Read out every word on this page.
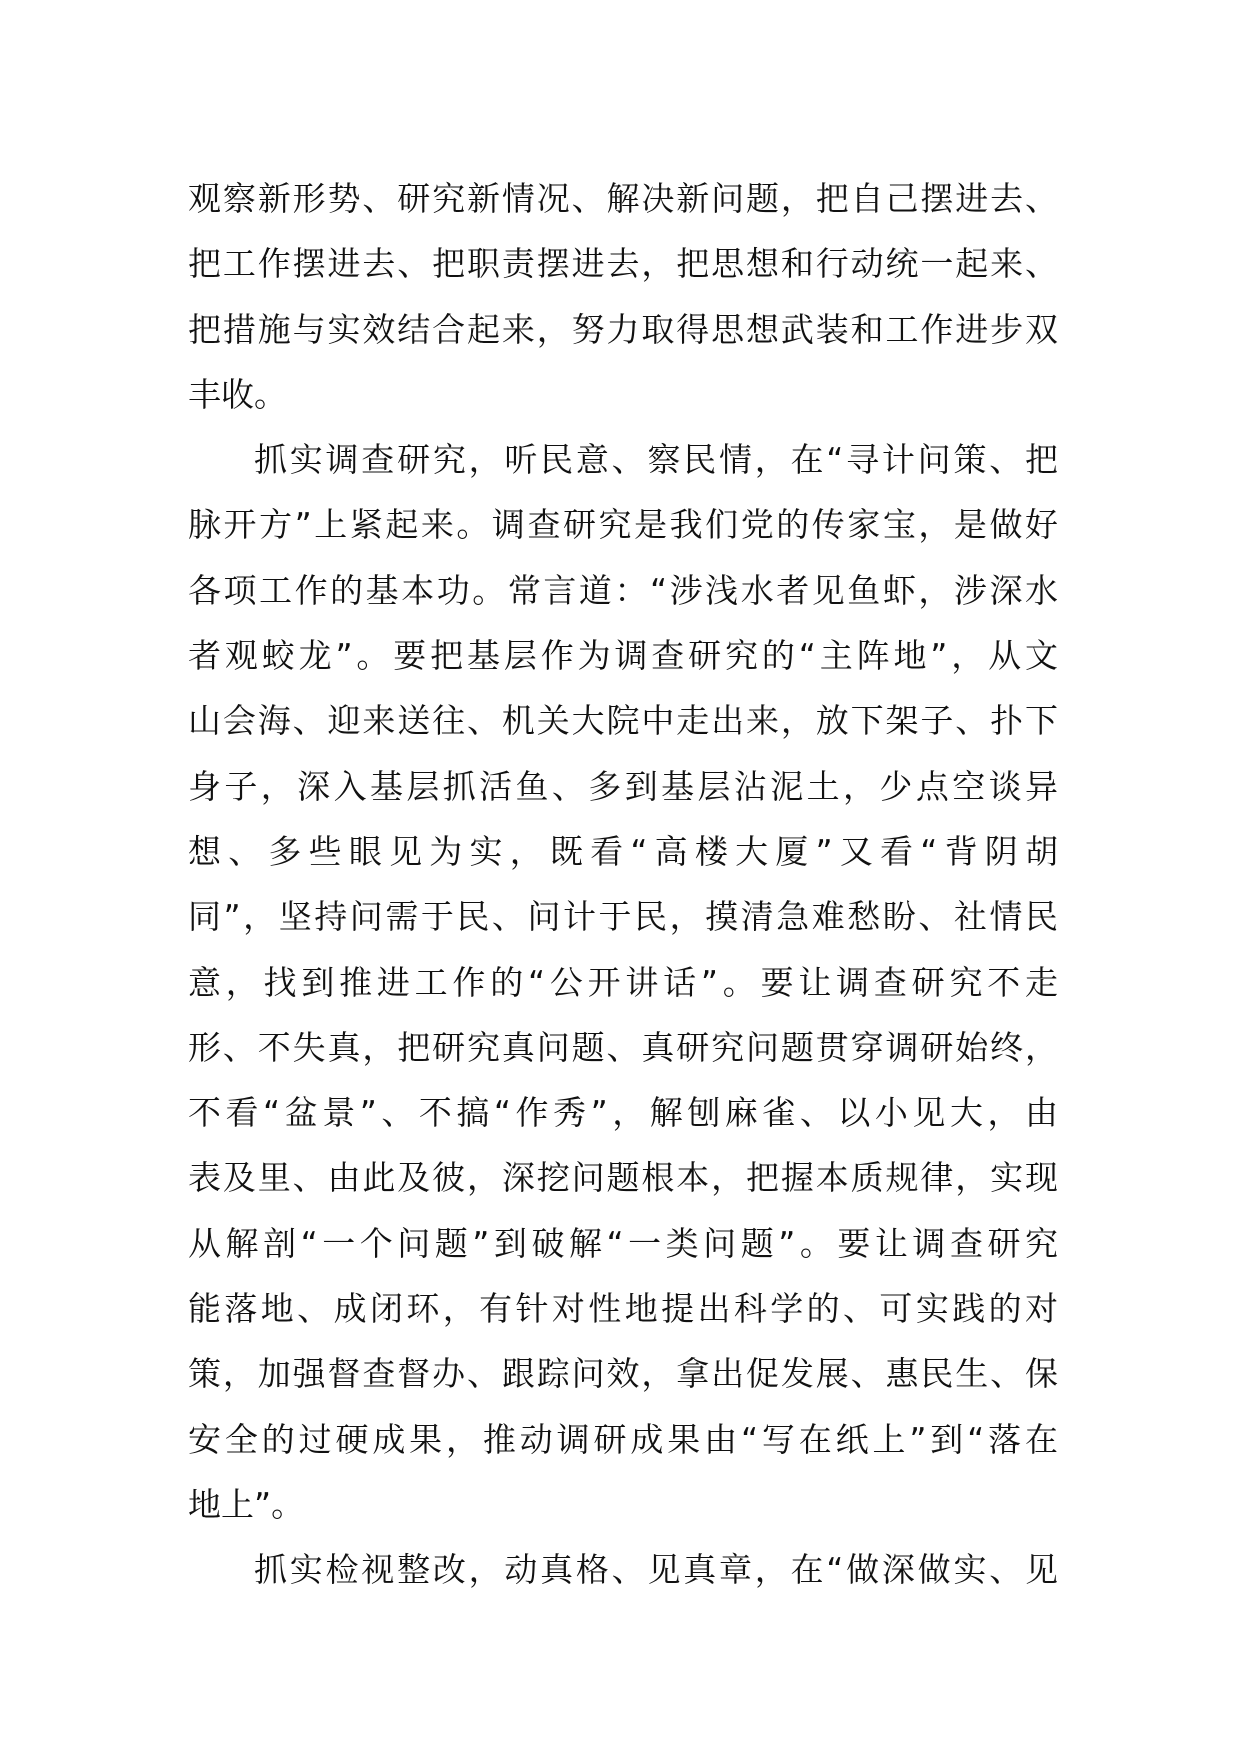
观察新形势、研究新情况、解决新问题，把自己摆进去、
把工作摆进去、把职责摆进去，把思想和行动统一起来、
把措施与实效结合起来，努力取得思想武装和工作进步双
丰收。
抓实调查研究，听民意、察民情，在“寻计问策、把
脉开方”上紧起来。调查研究是我们党的传家宝，是做好
各项工作的基本功。常言道：“涉浅水者见鱼虾，涉深水
者观蛟龙”。要把基层作为调查研究的“主阵地”，从文
山会海、迎来送往、机关大院中走出来，放下架子、扑下
身子，深入基层抓活鱼、多到基层沾泥土，少点空谈异
想、多些眼见为实，既看“高楼大厦”又看“背阴胡
同”，坚持问需于民、问计于民，摸清急难愁盼、社情民
意，找到推进工作的“公开讲话”。要让调查研究不走
形、不失真，把研究真问题、真研究问题贯穿调研始终，
不看“盆景”、不搞“作秀”，解刨麻雀、以小见大，由
表及里、由此及彼，深挖问题根本，把握本质规律，实现
从解剖“一个问题”到破解“一类问题”。要让调查研究
能落地、成闭环，有针对性地提出科学的、可实践的对
策，加强督查督办、跟踪问效，拿出促发展、惠民生、保
安全的过硬成果，推动调研成果由“写在纸上”到“落在
地上”。
抓实检视整改，动真格、见真章，在“做深做实、见
